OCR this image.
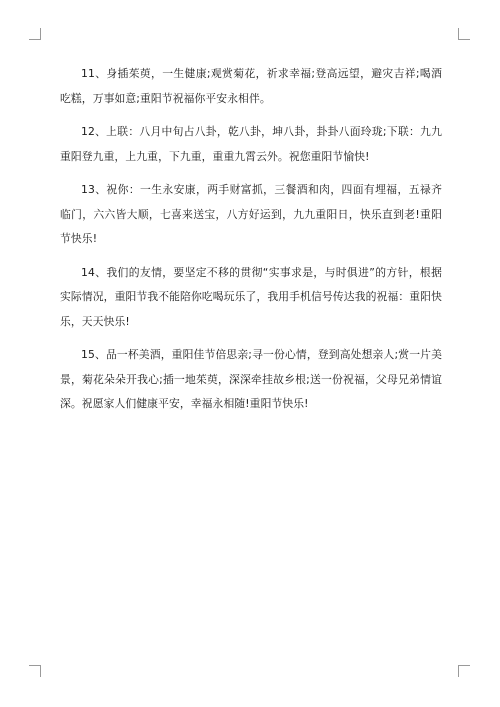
11、身插茱萸，一生健康;观赏菊花，祈求幸福;登高远望，避灾吉祥;喝酒吃糕，万事如意;重阳节祝福你平安永相伴。

12、上联：八月中旬占八卦，乾八卦，坤八卦，卦卦八面玲珑;下联：九九重阳登九重，上九重，下九重，重重九霄云外。祝您重阳节愉快!

13、祝你：一生永安康，两手财富抓，三餐酒和肉，四面有埋福，五禄齐临门，六六皆大顺，七喜来送宝，八方好运到，九九重阳日，快乐直到老!重阳节快乐!

14、我们的友情，要坚定不移的贯彻“实事求是，与时俱进”的方针，根据实际情况，重阳节我不能陪你吃喝玩乐了，我用手机信号传达我的祝福：重阳快乐，天天快乐!

15、品一杯美酒，重阳佳节倍思亲;寻一份心情，登到高处想亲人;赏一片美景，菊花朵朵开我心;插一地茱萸，深深牵挂故乡根;送一份祝福，父母兄弟情谊深。祝愿家人们健康平安，幸福永相随!重阳节快乐!
